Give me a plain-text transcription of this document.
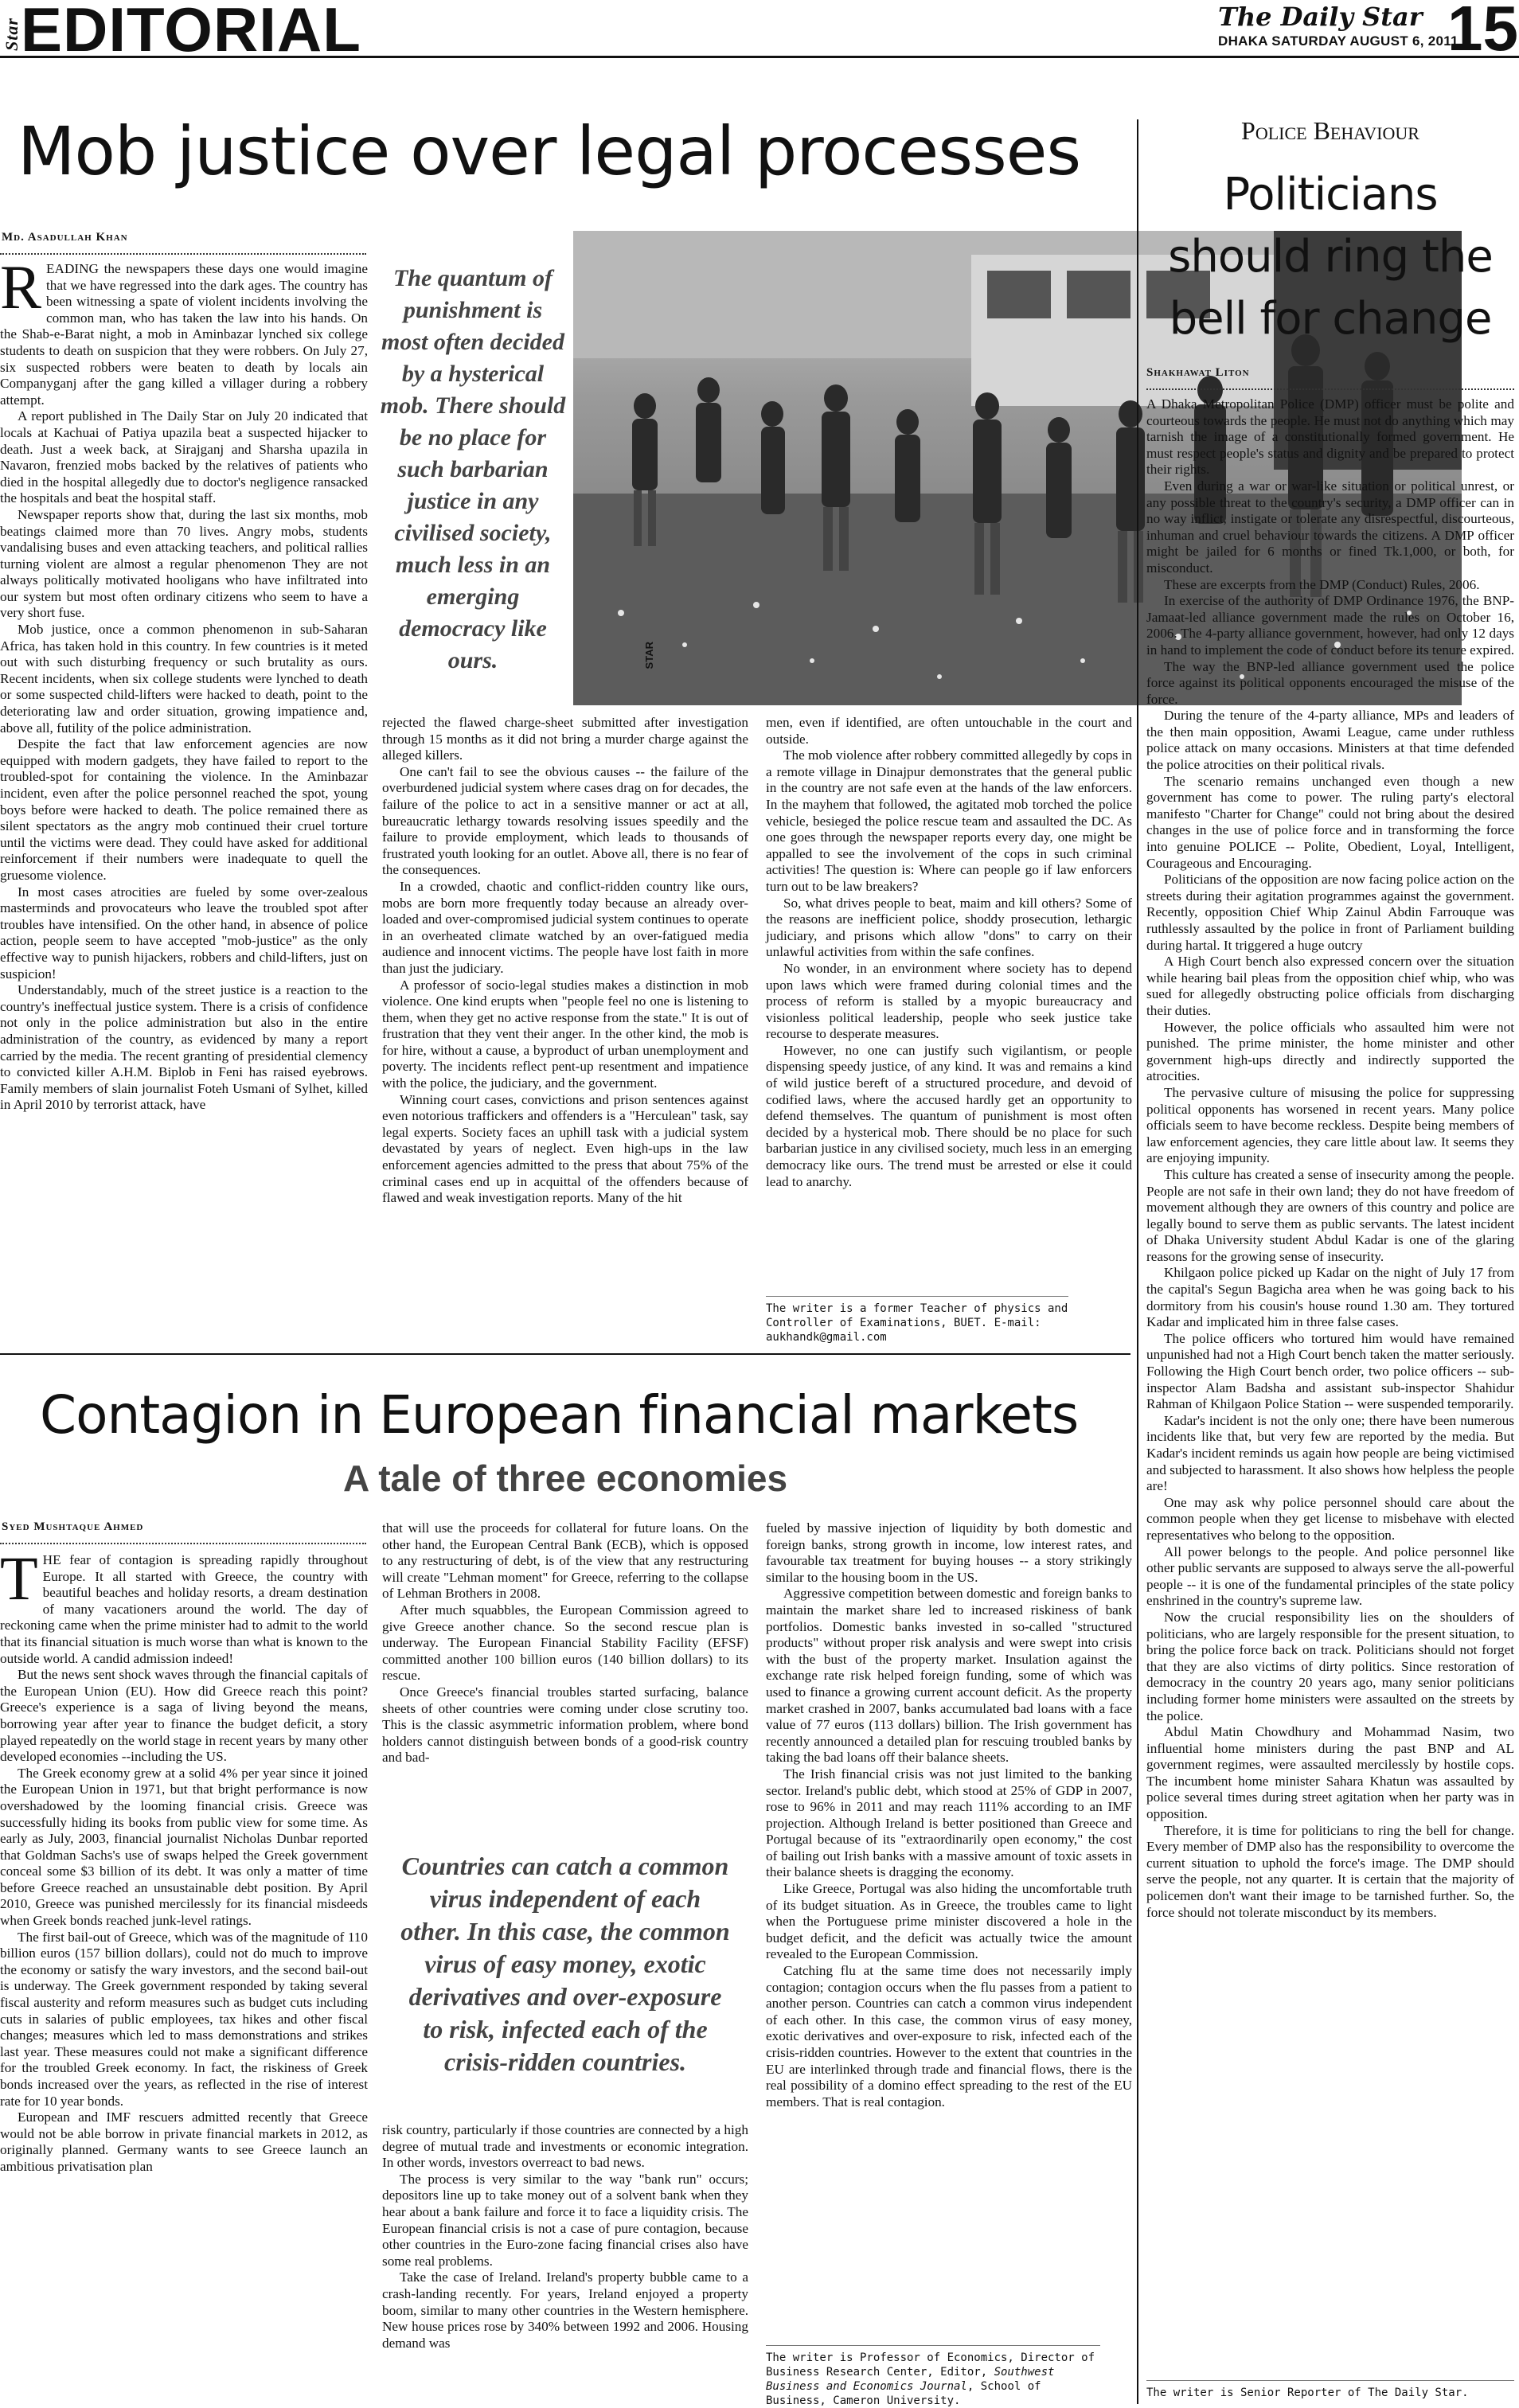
Star EDITORIAL	The Daily Star
DHAKA SATURDAY AUGUST 6, 2011
15
Mob justice over legal processes
Md. Asadullah Khan

READING the newspapers these days one would imagine that we have regressed into the dark ages. The country has been witnessing a spate of violent incidents involving the common man, who has taken the law into his hands. On the Shab-e-Barat night, a mob in Aminbazar lynched six college students to death on suspicion that they were robbers. On July 27, six suspected robbers were beaten to death by locals ain Companyganj after the gang killed a villager during a robbery attempt.

A report published in The Daily Star on July 20 indicated that locals at Kachuai of Patiya upazila beat a suspected hijacker to death. Just a week back, at Sirajganj and Sharsha upazila in Navaron, frenzied mobs backed by the relatives of patients who died in the hospital allegedly due to doctor's negligence ransacked the hospitals and beat the hospital staff.

Newspaper reports show that, during the last six months, mob beatings claimed more than 70 lives. Angry mobs, students vandalising buses and even attacking teachers, and political rallies turning violent are almost a regular phenomenon They are not always politically motivated hooligans who have infiltrated into our system but most often ordinary citizens who seem to have a very short fuse.

Mob justice, once a common phenomenon in sub-Saharan Africa, has taken hold in this country. In few countries is it meted out with such disturbing frequency or such brutality as ours. Recent incidents, when six college students were lynched to death or some suspected child-lifters were hacked to death, point to the deteriorating law and order situation, growing impatience and, above all, futility of the police administration.

Despite the fact that law enforcement agencies are now equipped with modern gadgets, they have failed to report to the troubled-spot for containing the violence. In the Aminbazar incident, even after the police personnel reached the spot, young boys before were hacked to death. The police remained there as silent spectators as the angry mob continued their cruel torture until the victims were dead. They could have asked for additional reinforcement if their numbers were inadequate to quell the gruesome violence.

In most cases atrocities are fueled by some over-zealous masterminds and provocateurs who leave the troubled spot after troubles have intensified. On the other hand, in absence of police action, people seem to have accepted "mob-justice" as the only effective way to punish hijackers, robbers and child-lifters, just on suspicion!

Understandably, much of the street justice is a reaction to the country's ineffectual justice system. There is a crisis of confidence not only in the police administration but also in the entire administration of the country, as evidenced by many a report carried by the media. The recent granting of presidential clemency to convicted killer A.H.M. Biplob in Feni has raised eyebrows. Family members of slain journalist Foteh Usmani of Sylhet, killed in April 2010 by terrorist attack, have

The quantum of punishment is most often decided by a hysterical mob. There should be no place for such barbarian justice in any civilised society, much less in an emerging democracy like ours.	STAR

rejected the flawed charge-sheet submitted after investigation through 15 months as it did not bring a murder charge against the alleged killers.

One can't fail to see the obvious causes -- the failure of the overburdened judicial system where cases drag on for decades, the failure of the police to act in a sensitive manner or act at all, bureaucratic lethargy towards resolving issues speedily and the failure to provide employment, which leads to thousands of frustrated youth looking for an outlet. Above all, there is no fear of the consequences.

In a crowded, chaotic and conflict-ridden country like ours, mobs are born more frequently today because an already over-loaded and over-compromised judicial system continues to operate in an overheated climate watched by an over-fatigued media audience and innocent victims. The people have lost faith in more than just the judiciary.

A professor of socio-legal studies makes a distinction in mob violence. One kind erupts when "people feel no one is listening to them, when they get no active response from the state." It is out of frustration that they vent their anger. In the other kind, the mob is for hire, without a cause, a byproduct of urban unemployment and poverty. The incidents reflect pent-up resentment and impatience with the police, the judiciary, and the government.

Winning court cases, convictions and prison sentences against even notorious traffickers and offenders is a "Herculean" task, say legal experts. Society faces an uphill task with a judicial system devastated by years of neglect. Even high-ups in the law enforcement agencies admitted to the press that about 75% of the criminal cases end up in acquittal of the offenders because of flawed and weak investigation reports. Many of the hit

men, even if identified, are often untouchable in the court and outside.

The mob violence after robbery committed allegedly by cops in a remote village in Dinajpur demonstrates that the general public in the country are not safe even at the hands of the law enforcers. In the mayhem that followed, the agitated mob torched the police vehicle, besieged the police rescue team and assaulted the DC. As one goes through the newspaper reports every day, one might be appalled to see the involvement of the cops in such criminal activities! The question is: Where can people go if law enforcers turn out to be law breakers?

So, what drives people to beat, maim and kill others? Some of the reasons are inefficient police, shoddy prosecution, lethargic judiciary, and prisons which allow "dons" to carry on their unlawful activities from within the safe confines.

No wonder, in an environment where society has to depend upon laws which were framed during colonial times and the process of reform is stalled by a myopic bureaucracy and visionless political leadership, people who seek justice take recourse to desperate measures.

However, no one can justify such vigilantism, or people dispensing speedy justice, of any kind. It was and remains a kind of wild justice bereft of a structured procedure, and devoid of codified laws, where the accused hardly get an opportunity to defend themselves. The quantum of punishment is most often decided by a hysterical mob. There should be no place for such barbarian justice in any civilised society, much less in an emerging democracy like ours. The trend must be arrested or else it could lead to anarchy.

The writer is a former Teacher of physics and Controller of Examinations, BUET. E-mail: aukhandk@gmail.com
Police Behaviour
Politicians should ring the bell for change
Shakhawat Liton

A Dhaka Metropolitan Police (DMP) officer must be polite and courteous towards the people. He must not do anything which may tarnish the image of a constitutionally formed government. He must respect people's status and dignity and be prepared to protect their rights.

Even during a war or war-like situation or political unrest, or any possible threat to the country's security, a DMP officer can in no way inflict, instigate or tolerate any disrespectful, discourteous, inhuman and cruel behaviour towards the citizens. A DMP officer might be jailed for 6 months or fined Tk.1,000, or both, for misconduct.

These are excerpts from the DMP (Conduct) Rules, 2006.

In exercise of the authority of DMP Ordinance 1976, the BNP-Jamaat-led alliance government made the rules on October 16, 2006. The 4-party alliance government, however, had only 12 days in hand to implement the code of conduct before its tenure expired.

The way the BNP-led alliance government used the police force against its political opponents encouraged the misuse of the force.

During the tenure of the 4-party alliance, MPs and leaders of the then main opposition, Awami League, came under ruthless police attack on many occasions. Ministers at that time defended the police atrocities on their political rivals.

The scenario remains unchanged even though a new government has come to power. The ruling party's electoral manifesto "Charter for Change" could not bring about the desired changes in the use of police force and in transforming the force into genuine POLICE -- Polite, Obedient, Loyal, Intelligent, Courageous and Encouraging.

Politicians of the opposition are now facing police action on the streets during their agitation programmes against the government. Recently, opposition Chief Whip Zainul Abdin Farrouque was ruthlessly assaulted by the police in front of Parliament building during hartal. It triggered a huge outcry

A High Court bench also expressed concern over the situation while hearing bail pleas from the opposition chief whip, who was sued for allegedly obstructing police officials from discharging their duties.

However, the police officials who assaulted him were not punished. The prime minister, the home minister and other government high-ups directly and indirectly supported the atrocities.

The pervasive culture of misusing the police for suppressing political opponents has worsened in recent years. Many police officials seem to have become reckless. Despite being members of law enforcement agencies, they care little about law. It seems they are enjoying impunity.

This culture has created a sense of insecurity among the people. People are not safe in their own land; they do not have freedom of movement although they are owners of this country and police are legally bound to serve them as public servants. The latest incident of Dhaka University student Abdul Kadar is one of the glaring reasons for the growing sense of insecurity.

Khilgaon police picked up Kadar on the night of July 17 from the capital's Segun Bagicha area when he was going back to his dormitory from his cousin's house round 1.30 am. They tortured Kadar and implicated him in three false cases.

The police officers who tortured him would have remained unpunished had not a High Court bench taken the matter seriously. Following the High Court bench order, two police officers -- sub-inspector Alam Badsha and assistant sub-inspector Shahidur Rahman of Khilgaon Police Station -- were suspended temporarily.

Kadar's incident is not the only one; there have been numerous incidents like that, but very few are reported by the media. But Kadar's incident reminds us again how people are being victimised and subjected to harassment. It also shows how helpless the people are!

One may ask why police personnel should care about the common people when they get license to misbehave with elected representatives who belong to the opposition.

All power belongs to the people. And police personnel like other public servants are supposed to always serve the all-powerful people -- it is one of the fundamental principles of the state policy enshrined in the country's supreme law.

Now the crucial responsibility lies on the shoulders of politicians, who are largely responsible for the present situation, to bring the police force back on track. Politicians should not forget that they are also victims of dirty politics. Since restoration of democracy in the country 20 years ago, many senior politicians including former home ministers were assaulted on the streets by the police.

Abdul Matin Chowdhury and Mohammad Nasim, two influential home ministers during the past BNP and AL government regimes, were assaulted mercilessly by hostile cops. The incumbent home minister Sahara Khatun was assaulted by police several times during street agitation when her party was in opposition.

Therefore, it is time for politicians to ring the bell for change. Every member of DMP also has the responsibility to overcome the current situation to uphold the force's image. The DMP should serve the people, not any quarter. It is certain that the majority of policemen don't want their image to be tarnished further. So, the force should not tolerate misconduct by its members.

The writer is Senior Reporter of The Daily Star.
Contagion in European financial markets
A tale of three economies
Syed Mushtaque Ahmed

THE fear of contagion is spreading rapidly throughout Europe. It all started with Greece, the country with beautiful beaches and holiday resorts, a dream destination of many vacationers around the world. The day of reckoning came when the prime minister had to admit to the world that its financial situation is much worse than what is known to the outside world. A candid admission indeed!

But the news sent shock waves through the financial capitals of the European Union (EU). How did Greece reach this point? Greece's experience is a saga of living beyond the means, borrowing year after year to finance the budget deficit, a story played repeatedly on the world stage in recent years by many other developed economies --including the US.

The Greek economy grew at a solid 4% per year since it joined the European Union in 1971, but that bright performance is now overshadowed by the looming financial crisis. Greece was successfully hiding its books from public view for some time. As early as July, 2003, financial journalist Nicholas Dunbar reported that Goldman Sachs's use of swaps helped the Greek government conceal some $3 billion of its debt. It was only a matter of time before Greece reached an unsustainable debt position. By April 2010, Greece was punished mercilessly for its financial misdeeds when Greek bonds reached junk-level ratings.

The first bail-out of Greece, which was of the magnitude of 110 billion euros (157 billion dollars), could not do much to improve the economy or satisfy the wary investors, and the second bail-out is underway. The Greek government responded by taking several fiscal austerity and reform measures such as budget cuts including cuts in salaries of public employees, tax hikes and other fiscal changes; measures which led to mass demonstrations and strikes last year. These measures could not make a significant difference for the troubled Greek economy. In fact, the riskiness of Greek bonds increased over the years, as reflected in the rise of interest rate for 10 year bonds.

European and IMF rescuers admitted recently that Greece would not be able borrow in private financial markets in 2012, as originally planned. Germany wants to see Greece launch an ambitious privatisation plan

that will use the proceeds for collateral for future loans. On the other hand, the European Central Bank (ECB), which is opposed to any restructuring of debt, is of the view that any restructuring will create "Lehman moment" for Greece, referring to the collapse of Lehman Brothers in 2008.

After much squabbles, the European Commission agreed to give Greece another chance. So the second rescue plan is underway. The European Financial Stability Facility (EFSF) committed another 100 billion euros (140 billion dollars) to its rescue.

Once Greece's financial troubles started surfacing, balance sheets of other countries were coming under close scrutiny too. This is the classic asymmetric information problem, where bond holders cannot distinguish between bonds of a good-risk country and bad-

Countries can catch a common virus independent of each other. In this case, the common virus of easy money, exotic derivatives and over-exposure to risk, infected each of the crisis-ridden countries.

risk country, particularly if those countries are connected by a high degree of mutual trade and investments or economic integration. In other words, investors overreact to bad news.

The process is very similar to the way "bank run" occurs; depositors line up to take money out of a solvent bank when they hear about a bank failure and force it to face a liquidity crisis. The European financial crisis is not a case of pure contagion, because other countries in the Euro-zone facing financial crises also have some real problems.

Take the case of Ireland. Ireland's property bubble came to a crash-landing recently. For years, Ireland enjoyed a property boom, similar to many other countries in the Western hemisphere. New house prices rose by 340% between 1992 and 2006. Housing demand was

fueled by massive injection of liquidity by both domestic and foreign banks, strong growth in income, low interest rates, and favourable tax treatment for buying houses -- a story strikingly similar to the housing boom in the US.

Aggressive competition between domestic and foreign banks to maintain the market share led to increased riskiness of bank portfolios. Domestic banks invested in so-called "structured products" without proper risk analysis and were swept into crisis with the bust of the property market. Insulation against the exchange rate risk helped foreign funding, some of which was used to finance a growing current account deficit. As the property market crashed in 2007, banks accumulated bad loans with a face value of 77 euros (113 dollars) billion. The Irish government has recently announced a detailed plan for rescuing troubled banks by taking the bad loans off their balance sheets.

The Irish financial crisis was not just limited to the banking sector. Ireland's public debt, which stood at 25% of GDP in 2007, rose to 96% in 2011 and may reach 111% according to an IMF projection. Although Ireland is better positioned than Greece and Portugal because of its "extraordinarily open economy," the cost of bailing out Irish banks with a massive amount of toxic assets in their balance sheets is dragging the economy.

Like Greece, Portugal was also hiding the uncomfortable truth of its budget situation. As in Greece, the troubles came to light when the Portuguese prime minister discovered a hole in the budget deficit, and the deficit was actually twice the amount revealed to the European Commission.

Catching flu at the same time does not necessarily imply contagion; contagion occurs when the flu passes from a patient to another person. Countries can catch a common virus independent of each other. In this case, the common virus of easy money, exotic derivatives and over-exposure to risk, infected each of the crisis-ridden countries. However to the extent that countries in the EU are interlinked through trade and financial flows, there is the real possibility of a domino effect spreading to the rest of the EU members. That is real contagion.

The writer is Professor of Economics, Director of Business Research Center, Editor, Southwest Business and Economics Journal, School of Business, Cameron University.
